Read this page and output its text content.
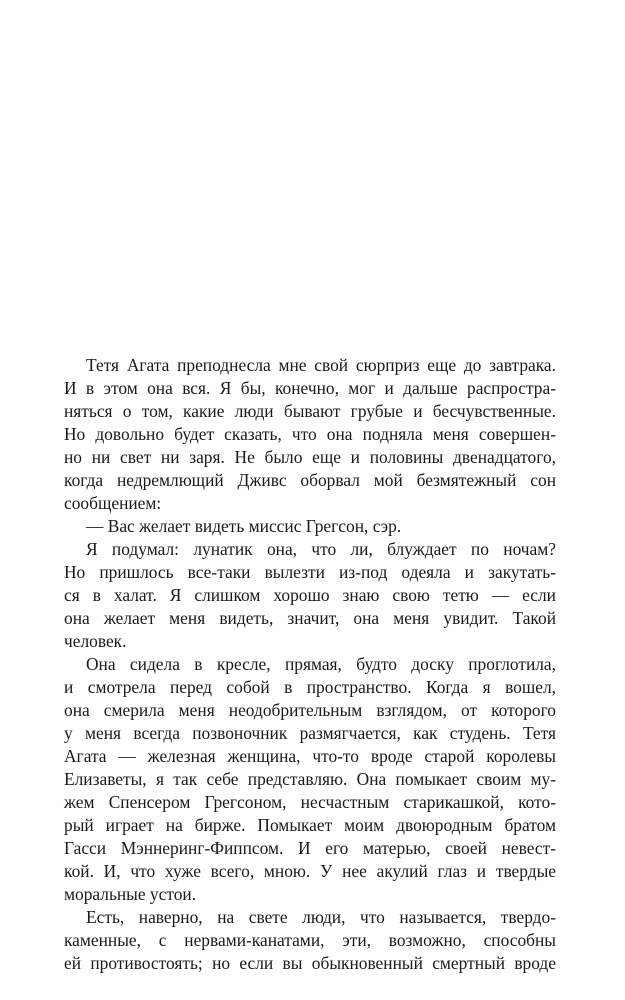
Тетя Агата преподнесла мне свой сюрприз еще до завтрака.
И в этом она вся. Я бы, конечно, мог и дальше распростра-
няться о том, какие люди бывают грубые и бесчувственные.
Но довольно будет сказать, что она подняла меня совершен-
но ни свет ни заря. Не было еще и половины двенадцатого,
когда недремлющий Дживс оборвал мой безмятежный сон
сообщением:
— Вас желает видеть миссис Грегсон, сэр.
Я подумал: лунатик она, что ли, блуждает по ночам?
Но пришлось все-таки вылезти из-под одеяла и закутать-
ся в халат. Я слишком хорошо знаю свою тетю — если
она желает меня видеть, значит, она меня увидит. Такой
человек.
Она сидела в кресле, прямая, будто доску проглотила,
и смотрела перед собой в пространство. Когда я вошел,
она смерила меня неодобрительным взглядом, от которого
у меня всегда позвоночник размягчается, как студень. Тетя
Агата — железная женщина, что-то вроде старой королевы
Елизаветы, я так себе представляю. Она помыкает своим му-
жем Спенсером Грегсоном, несчастным старикашкой, кото-
рый играет на бирже. Помыкает моим двоюродным братом
Гасси Мэннеринг-Фиппсом. И его матерью, своей невест-
кой. И, что хуже всего, мною. У нее акулий глаз и твердые
моральные устои.
Есть, наверно, на свете люди, что называется, твердо-
каменные, с нервами-канатами, эти, возможно, способны
ей противостоять; но если вы обыкновенный смертный вроде
